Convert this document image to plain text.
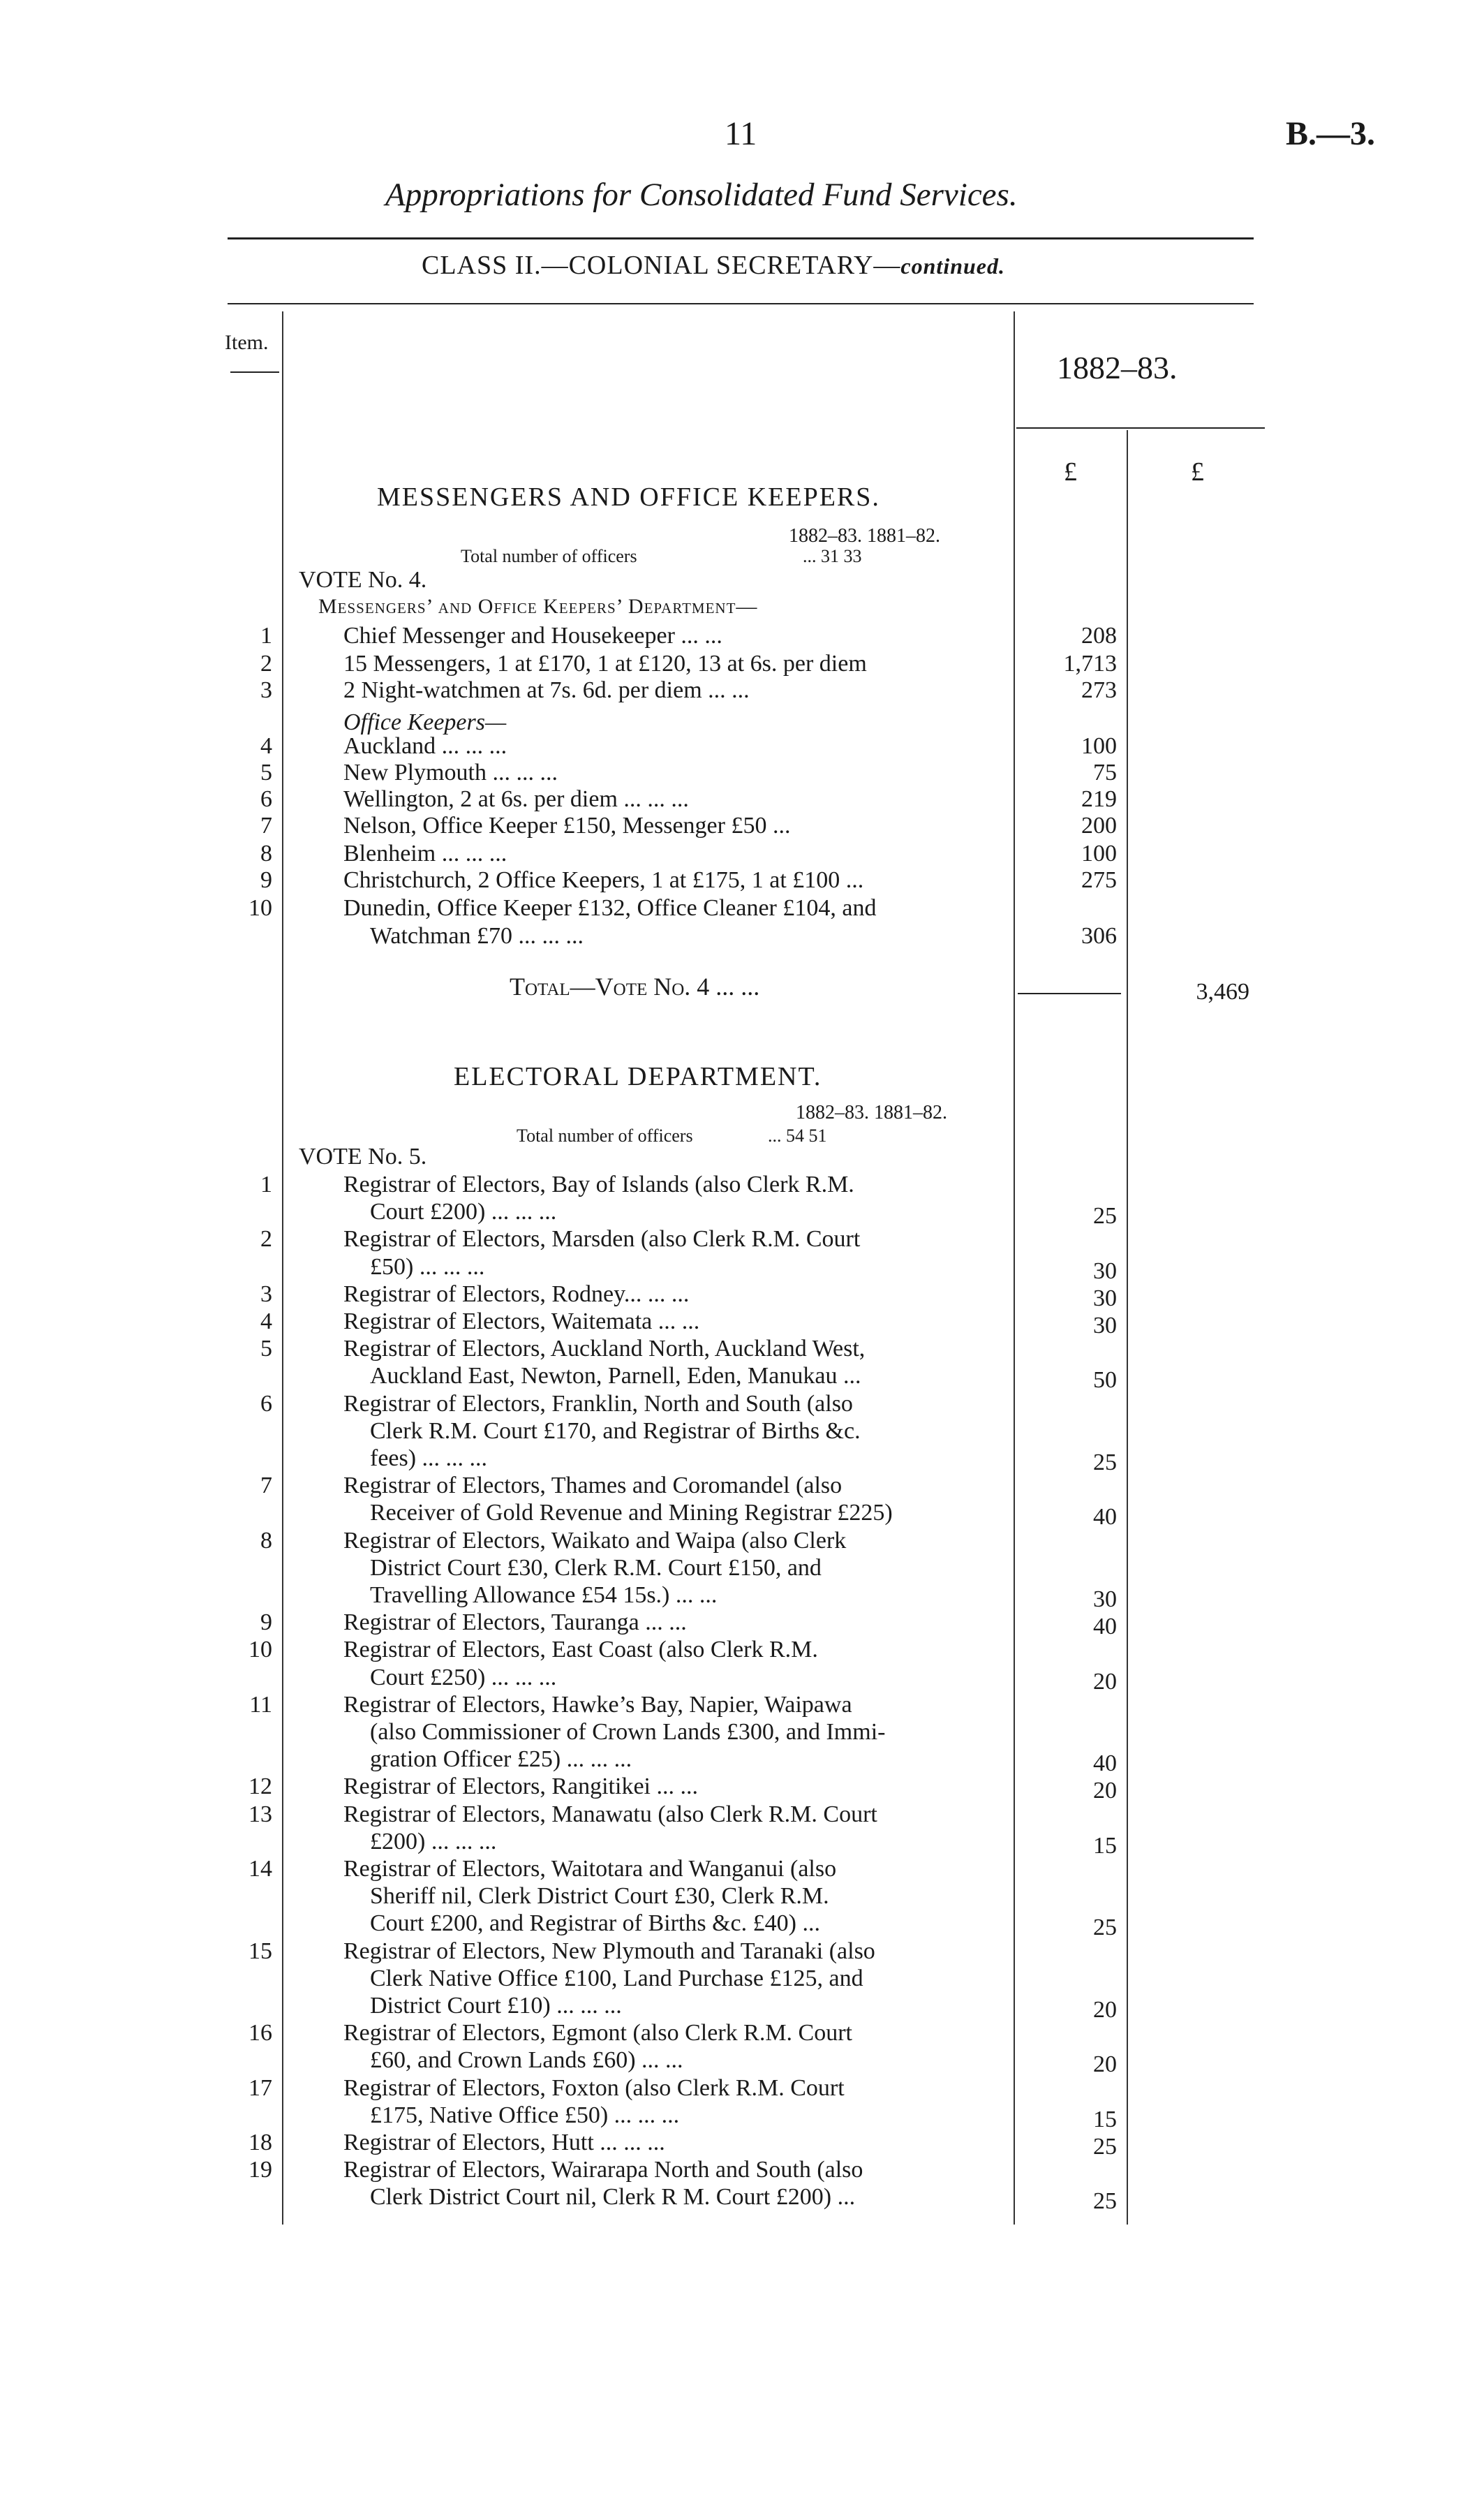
11	B.—3.
Appropriations for Consolidated Fund Services.
CLASS II.—COLONIAL SECRETARY—continued.
Item.
1882–83.
£	£
MESSENGERS AND OFFICE KEEPERS.
1882–83. 1881–82.
Total number of officers	... 31 33
VOTE No. 4.
Messengers’ and Office Keepers’ Department—
1	Chief Messenger and Housekeeper ... ...	208
2	15 Messengers, 1 at £170, 1 at £120, 13 at 6s. per diem	1,713
3	2 Night-watchmen at 7s. 6d. per diem ... ...	273
4	Auckland ... ... ...	100
5	New Plymouth ... ... ...	75
6	Wellington, 2 at 6s. per diem ... ... ...	219
7	Nelson, Office Keeper £150, Messenger £50 ...	200
8	Blenheim ... ... ...	100
9	Christchurch, 2 Office Keepers, 1 at £175, 1 at £100 ...	275
10	Dunedin, Office Keeper £132, Office Cleaner £104, and
Watchman £70 ... ... ...	306
Office Keepers—
Total—Vote No. 4 ... ...	3,469
ELECTORAL DEPARTMENT.
1882–83. 1881–82.
Total number of officers	... 54 51
VOTE No. 5.
1	Registrar of Electors, Bay of Islands (also Clerk R.M.
Court £200) ... ... ...	25
2	Registrar of Electors, Marsden (also Clerk R.M. Court
£50) ... ... ...	30
3	Registrar of Electors, Rodney... ... ...	30
4	Registrar of Electors, Waitemata ... ...	30
5	Registrar of Electors, Auckland North, Auckland West,
Auckland East, Newton, Parnell, Eden, Manukau ...	50
6	Registrar of Electors, Franklin, North and South (also
Clerk R.M. Court £170, and Registrar of Births &c.
fees) ... ... ...	25
7	Registrar of Electors, Thames and Coromandel (also
Receiver of Gold Revenue and Mining Registrar £225)	40
8	Registrar of Electors, Waikato and Waipa (also Clerk
District Court £30, Clerk R.M. Court £150, and
Travelling Allowance £54 15s.) ... ...	30
9	Registrar of Electors, Tauranga ... ...	40
10	Registrar of Electors, East Coast (also Clerk R.M.
Court £250) ... ... ...	20
11	Registrar of Electors, Hawke’s Bay, Napier, Waipawa
(also Commissioner of Crown Lands £300, and Immi-
gration Officer £25) ... ... ...	40
12	Registrar of Electors, Rangitikei ... ...	20
13	Registrar of Electors, Manawatu (also Clerk R.M. Court
£200) ... ... ...	15
14	Registrar of Electors, Waitotara and Wanganui (also
Sheriff nil, Clerk District Court £30, Clerk R.M.
Court £200, and Registrar of Births &c. £40) ...	25
15	Registrar of Electors, New Plymouth and Taranaki (also
Clerk Native Office £100, Land Purchase £125, and
District Court £10) ... ... ...	20
16	Registrar of Electors, Egmont (also Clerk R.M. Court
£60, and Crown Lands £60) ... ...	20
17	Registrar of Electors, Foxton (also Clerk R.M. Court
£175, Native Office £50) ... ... ...	15
18	Registrar of Electors, Hutt ... ... ...	25
19	Registrar of Electors, Wairarapa North and South (also
Clerk District Court nil, Clerk R M. Court £200) ...	25
